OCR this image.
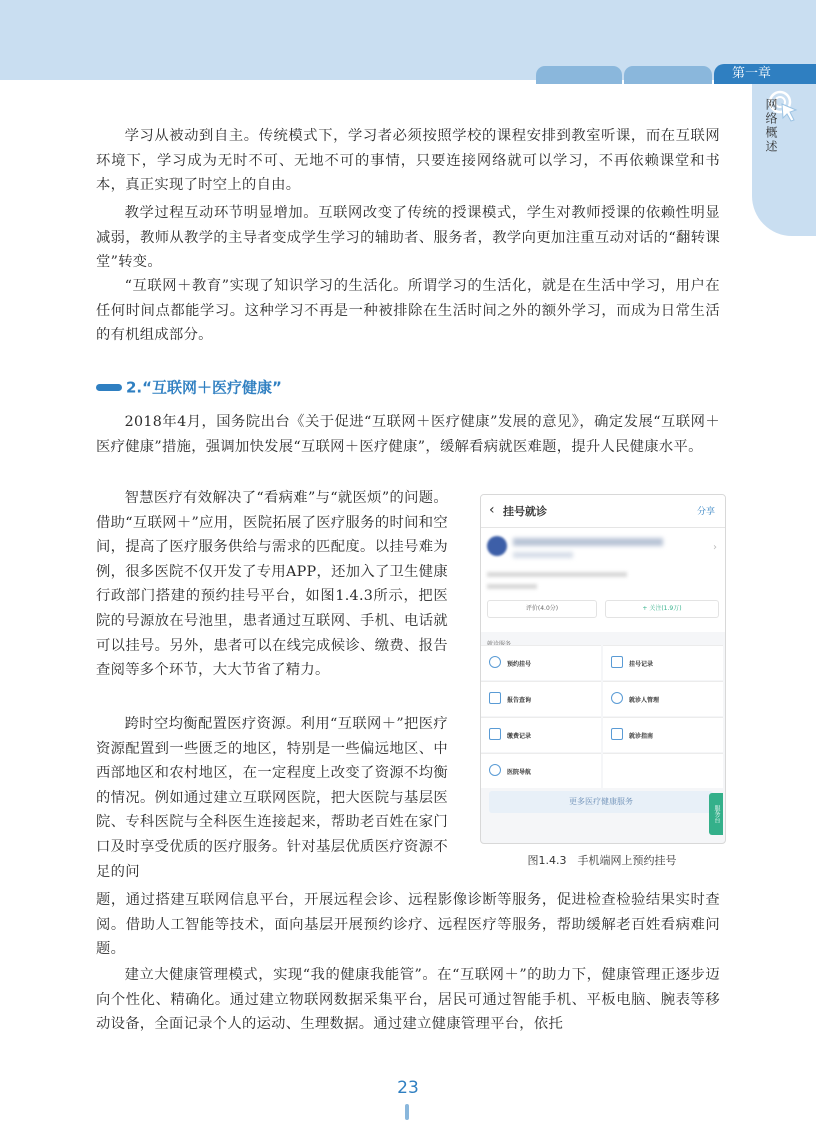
第一章
网络概述

学习从被动到自主。传统模式下，学习者必须按照学校的课程安排到教室听课，而在互联网环境下，学习成为无时不可、无地不可的事情，只要连接网络就可以学习，不再依赖课堂和书本，真正实现了时空上的自由。

教学过程互动环节明显增加。互联网改变了传统的授课模式，学生对教师授课的依赖性明显减弱，教师从教学的主导者变成学生学习的辅助者、服务者，教学向更加注重互动对话的“翻转课堂”转变。

“互联网＋教育”实现了知识学习的生活化。所谓学习的生活化，就是在生活中学习，用户在任何时间点都能学习。这种学习不再是一种被排除在生活时间之外的额外学习，而成为日常生活的有机组成部分。

2.“互联网＋医疗健康”

2018年4月，国务院出台《关于促进“互联网＋医疗健康”发展的意见》，确定发展“互联网＋医疗健康”措施，强调加快发展“互联网＋医疗健康”，缓解看病就医难题，提升人民健康水平。

智慧医疗有效解决了“看病难”与“就医烦”的问题。借助“互联网＋”应用，医院拓展了医疗服务的时间和空间，提高了医疗服务供给与需求的匹配度。以挂号难为例，很多医院不仅开发了专用APP，还加入了卫生健康行政部门搭建的预约挂号平台，如图1.4.3所示，把医院的号源放在号池里，患者通过互联网、手机、电话就可以挂号。另外，患者可以在线完成候诊、缴费、报告查阅等多个环节，大大节省了精力。

跨时空均衡配置医疗资源。利用“互联网＋”把医疗资源配置到一些匮乏的地区，特别是一些偏远地区、中西部地区和农村地区，在一定程度上改变了资源不均衡的情况。例如通过建立互联网医院，把大医院与基层医院、专科医院与全科医生连接起来，帮助老百姓在家门口及时享受优质的医疗服务。针对基层优质医疗资源不足的问

题，通过搭建互联网信息平台，开展远程会诊、远程影像诊断等服务，促进检查检验结果实时查阅。借助人工智能等技术，面向基层开展预约诊疗、远程医疗等服务，帮助缓解老百姓看病难问题。

建立大健康管理模式，实现“我的健康我能管”。在“互联网＋”的助力下，健康管理正逐步迈向个性化、精确化。通过建立物联网数据采集平台，居民可通过智能手机、平板电脑、腕表等移动设备，全面记录个人的运动、生理数据。通过建立健康管理平台，依托

‹ 挂号就诊	分享
›
评价(4.0分)	+ 关注(1.9万)
预约挂号	挂号记录
报告查询	就诊人管理
缴费记录	就诊指南
医院导航
更多医疗健康服务
服务台
图1.4.3　手机端网上预约挂号
23
